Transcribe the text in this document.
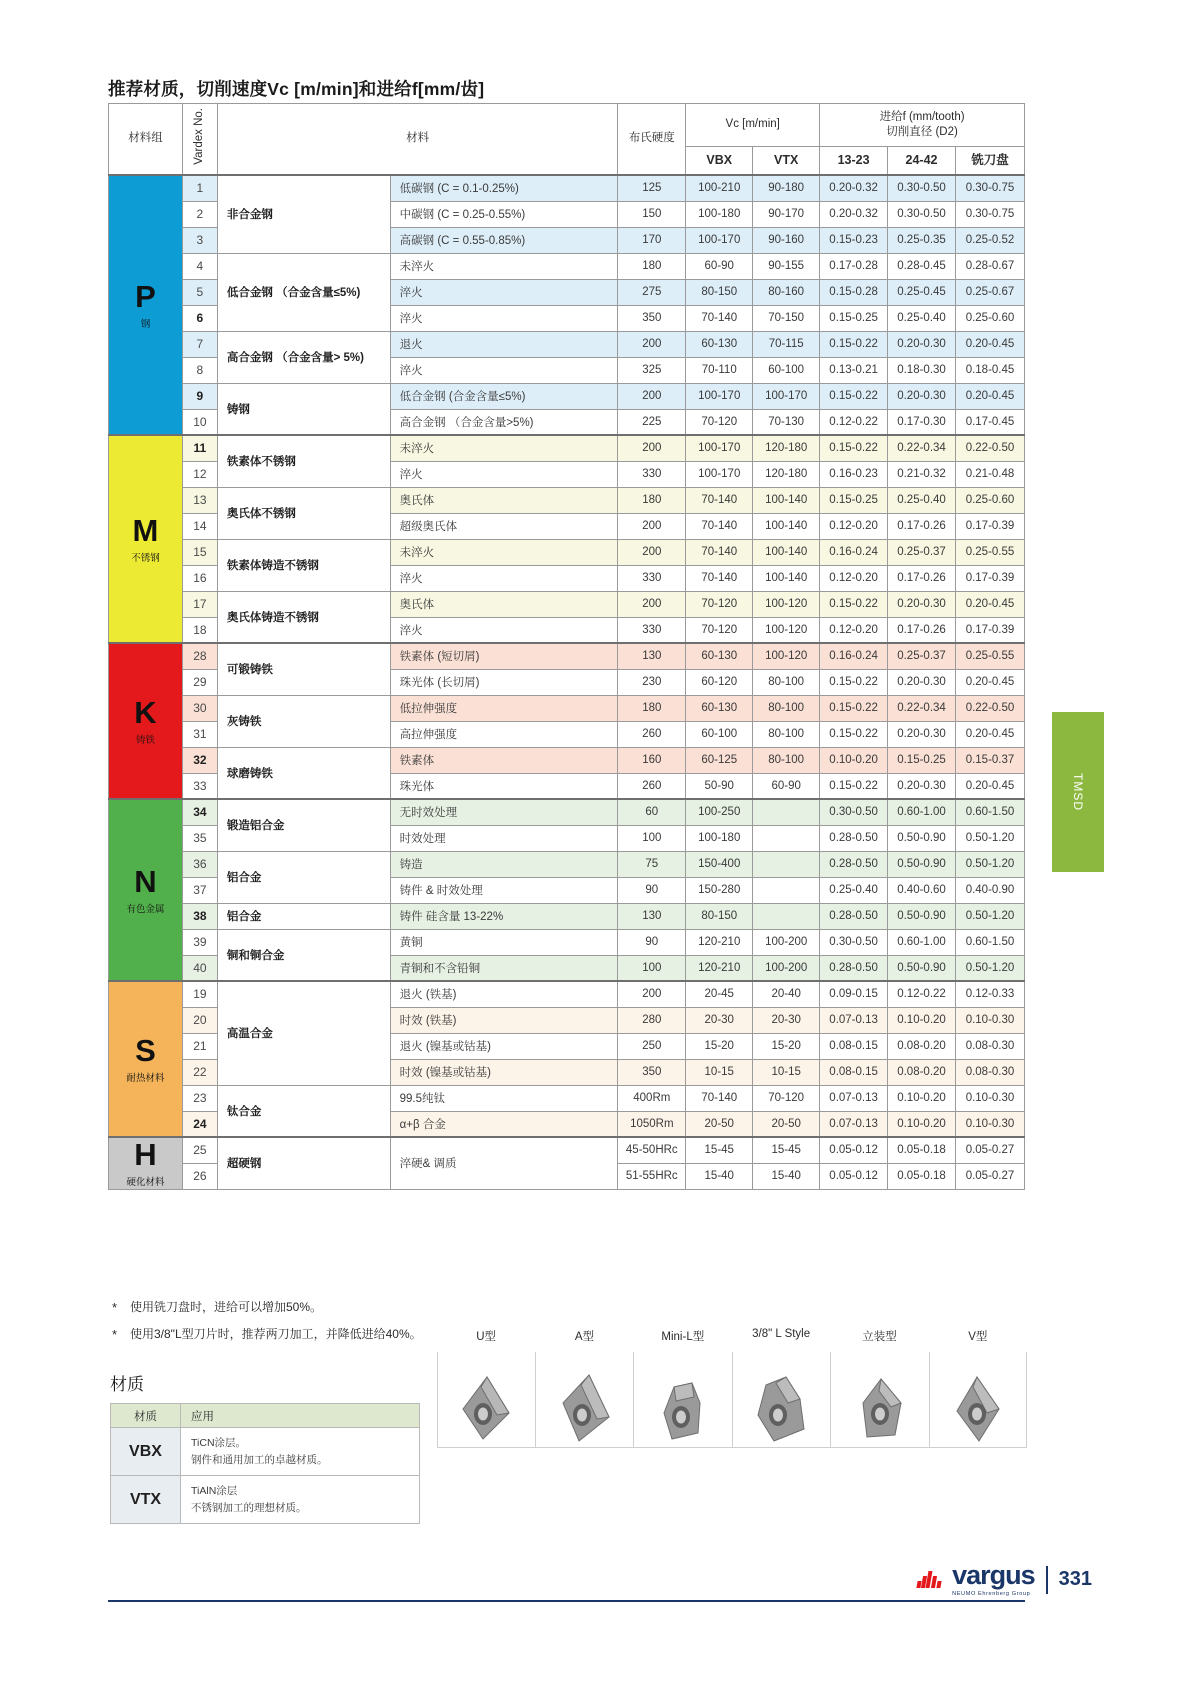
推荐材质，切削速度Vc [m/min]和进给f[mm/齿]
材料组	Vardex No.	材料		布氏硬度	Vc [m/min]		进给f (mm/tooth)
切削直径 (D2)		

					VBX	VTX	13-23	24-42	铣刀盘

P
钢	1	非合金钢	低碳钢 (C = 0.1-0.25%)	125	100-210	90-180	0.20-0.32	0.30-0.50	0.30-0.75
	2		中碳钢 (C = 0.25-0.55%)	150	100-180	90-170	0.20-0.32	0.30-0.50	0.30-0.75
	3		高碳钢 (C = 0.55-0.85%)	170	100-170	90-160	0.15-0.23	0.25-0.35	0.25-0.52
	4	低合金钢 （合金含量≤5%)	未淬火	180	60-90	90-155	0.17-0.28	0.28-0.45	0.28-0.67
	5		淬火	275	80-150	80-160	0.15-0.28	0.25-0.45	0.25-0.67
	6		淬火	350	70-140	70-150	0.15-0.25	0.25-0.40	0.25-0.60
	7	高合金钢 （合金含量> 5%)	退火	200	60-130	70-115	0.15-0.22	0.20-0.30	0.20-0.45
	8		淬火	325	70-110	60-100	0.13-0.21	0.18-0.30	0.18-0.45
	9	铸钢	低合金钢 (合金含量≤5%)	200	100-170	100-170	0.15-0.22	0.20-0.30	0.20-0.45
	10		高合金钢 （合金含量>5%)	225	70-120	70-130	0.12-0.22	0.17-0.30	0.17-0.45

M
不锈钢	11	铁素体不锈钢	未淬火	200	100-170	120-180	0.15-0.22	0.22-0.34	0.22-0.50
	12		淬火	330	100-170	120-180	0.16-0.23	0.21-0.32	0.21-0.48
	13	奥氏体不锈钢	奥氏体	180	70-140	100-140	0.15-0.25	0.25-0.40	0.25-0.60
	14		超级奥氏体	200	70-140	100-140	0.12-0.20	0.17-0.26	0.17-0.39
	15	铁素体铸造不锈钢	未淬火	200	70-140	100-140	0.16-0.24	0.25-0.37	0.25-0.55
	16		淬火	330	70-140	100-140	0.12-0.20	0.17-0.26	0.17-0.39
	17	奥氏体铸造不锈钢	奥氏体	200	70-120	100-120	0.15-0.22	0.20-0.30	0.20-0.45
	18		淬火	330	70-120	100-120	0.12-0.20	0.17-0.26	0.17-0.39

K
铸铁	28	可锻铸铁	铁素体 (短切屑)	130	60-130	100-120	0.16-0.24	0.25-0.37	0.25-0.55
	29		珠光体 (长切屑)	230	60-120	80-100	0.15-0.22	0.20-0.30	0.20-0.45
	30	灰铸铁	低拉伸强度	180	60-130	80-100	0.15-0.22	0.22-0.34	0.22-0.50
	31		高拉伸强度	260	60-100	80-100	0.15-0.22	0.20-0.30	0.20-0.45
	32	球磨铸铁	铁素体	160	60-125	80-100	0.10-0.20	0.15-0.25	0.15-0.37
	33		珠光体	260	50-90	60-90	0.15-0.22	0.20-0.30	0.20-0.45

N
有色金属	34	锻造铝合金	无时效处理	60	100-250		0.30-0.50	0.60-1.00	0.60-1.50
	35		时效处理	100	100-180		0.28-0.50	0.50-0.90	0.50-1.20
	36	铝合金	铸造	75	150-400		0.28-0.50	0.50-0.90	0.50-1.20
	37		铸件 & 时效处理	90	150-280		0.25-0.40	0.40-0.60	0.40-0.90
	38	铝合金	铸件 硅含量 13-22%	130	80-150		0.28-0.50	0.50-0.90	0.50-1.20
	39	铜和铜合金	黄铜	90	120-210	100-200	0.30-0.50	0.60-1.00	0.60-1.50
	40		青铜和不含铅铜	100	120-210	100-200	0.28-0.50	0.50-0.90	0.50-1.20

S
耐热材料	19	高温合金	退火 (铁基)	200	20-45	20-40	0.09-0.15	0.12-0.22	0.12-0.33
	20		时效 (铁基)	280	20-30	20-30	0.07-0.13	0.10-0.20	0.10-0.30
	21		退火 (镍基或钴基)	250	15-20	15-20	0.08-0.15	0.08-0.20	0.08-0.30
	22		时效 (镍基或钴基)	350	10-15	10-15	0.08-0.15	0.08-0.20	0.08-0.30
	23	钛合金	99.5纯钛	400Rm	70-140	70-120	0.07-0.13	0.10-0.20	0.10-0.30
	24		α+β 合金	1050Rm	20-50	20-50	0.07-0.13	0.10-0.20	0.10-0.30

H
硬化材料	25	超硬钢	淬硬& 调质	45-50HRc	15-45	15-45	0.05-0.12	0.05-0.18	0.05-0.27
	26			51-55HRc	15-40	15-40	0.05-0.12	0.05-0.18	0.05-0.27
* 使用铣刀盘时，进给可以增加50%。
* 使用3/8"L型刀片时，推荐两刀加工，并降低进给40%。
材质
材质	应用
VBX	TiCN涂层。
钢件和通用加工的卓越材质。

VTX	TiAlN涂层
不锈钢加工的理想材质。
U型	A型	Mini-L型	3/8" L Style	立装型	V型
TMSD
vargus
NEUMO Ehrenberg Group
331
